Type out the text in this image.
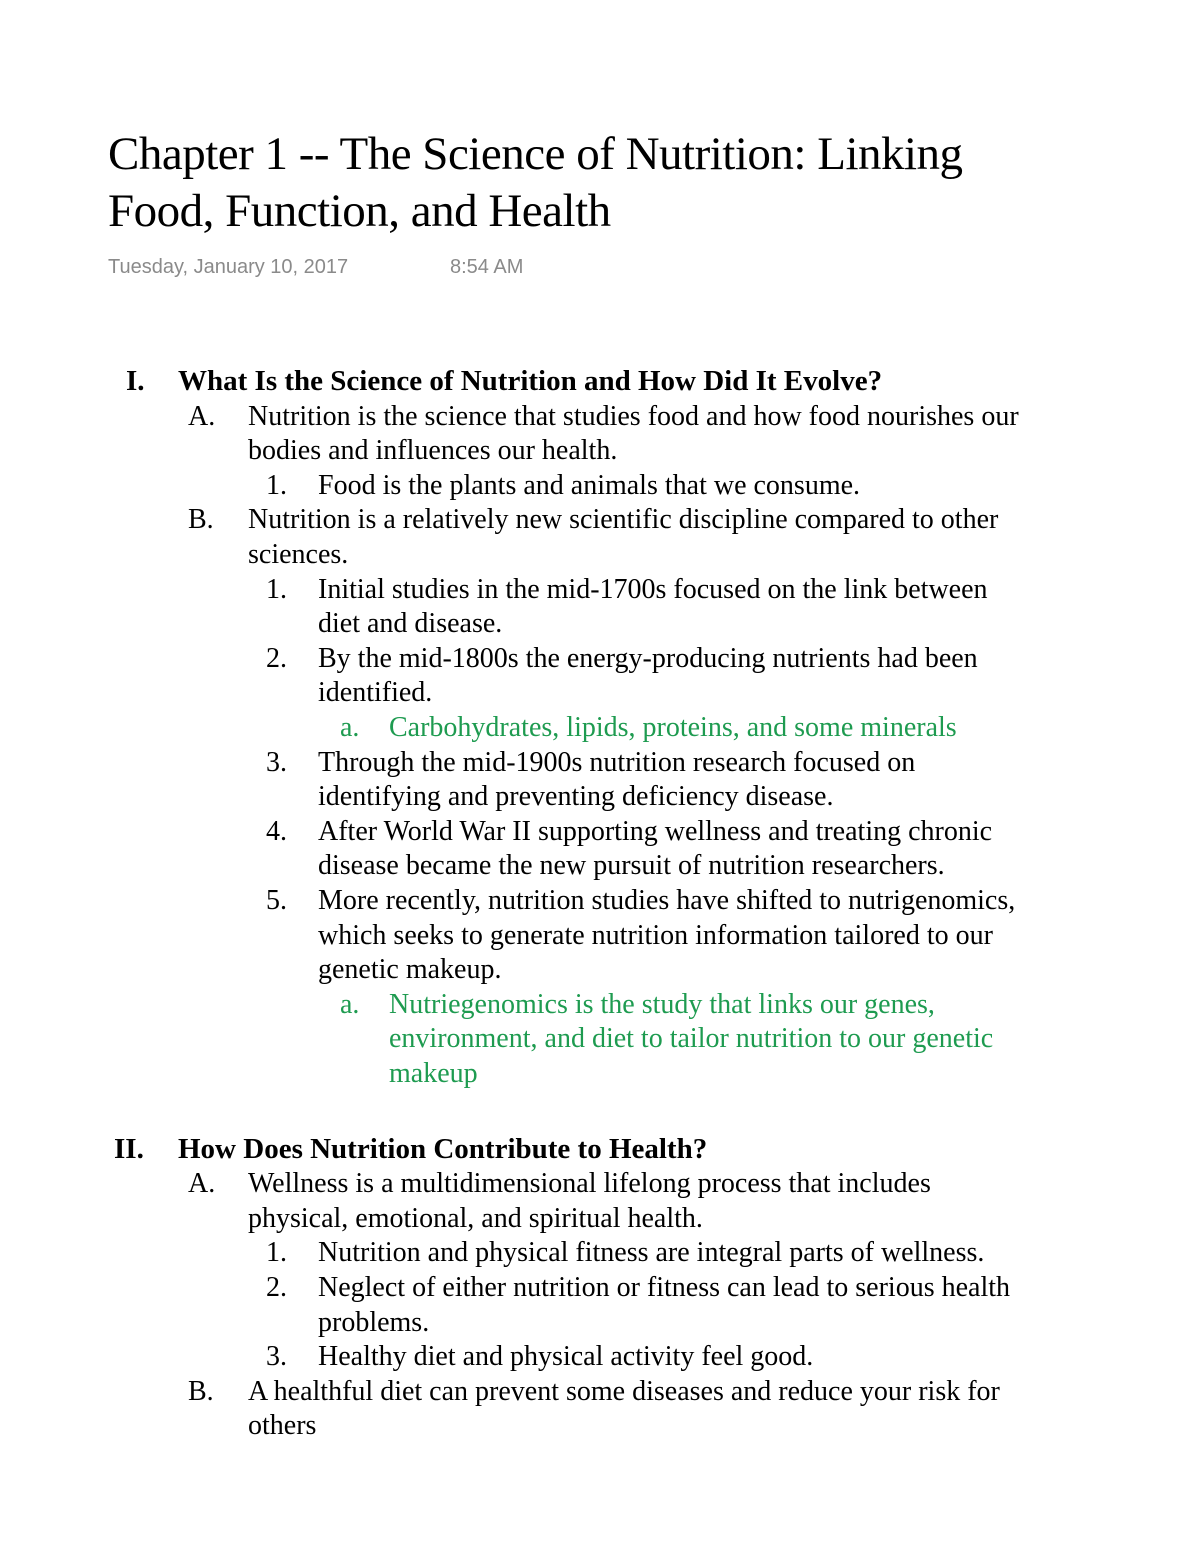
Chapter 1 -- The Science of Nutrition: Linking
Food, Function, and Health
Tuesday, January 10, 2017	8:54 AM
I. What Is the Science of Nutrition and How Did It Evolve?
A. Nutrition is the science that studies food and how food nourishes our
bodies and influences our health.
1. Food is the plants and animals that we consume.
B. Nutrition is a relatively new scientific discipline compared to other
sciences.
1. Initial studies in the mid-1700s focused on the link between
diet and disease.
2. By the mid-1800s the energy-producing nutrients had been
identified.
a. Carbohydrates, lipids, proteins, and some minerals
3. Through the mid-1900s nutrition research focused on
identifying and preventing deficiency disease.
4. After World War II supporting wellness and treating chronic
disease became the new pursuit of nutrition researchers.
5. More recently, nutrition studies have shifted to nutrigenomics,
which seeks to generate nutrition information tailored to our
genetic makeup.
a. Nutriegenomics is the study that links our genes,
environment, and diet to tailor nutrition to our genetic
makeup
II. How Does Nutrition Contribute to Health?
A. Wellness is a multidimensional lifelong process that includes
physical, emotional, and spiritual health.
1. Nutrition and physical fitness are integral parts of wellness.
2. Neglect of either nutrition or fitness can lead to serious health
problems.
3. Healthy diet and physical activity feel good.
B. A healthful diet can prevent some diseases and reduce your risk for
others
